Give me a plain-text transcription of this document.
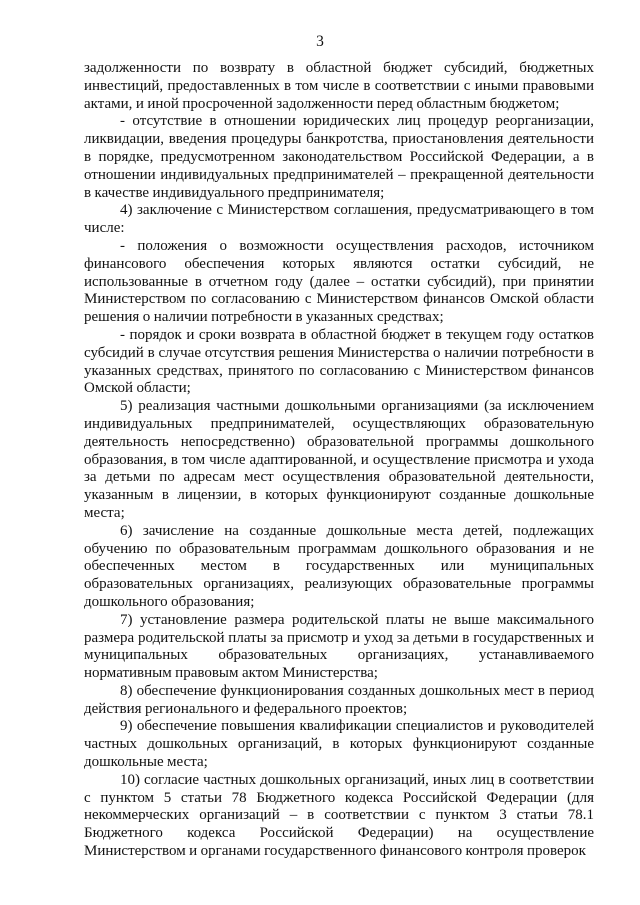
3

задолженности по возврату в областной бюджет субсидий, бюджетных инвестиций, предоставленных в том числе в соответствии с иными правовыми актами, и иной просроченной задолженности перед областным бюджетом;

- отсутствие в отношении юридических лиц процедур реорганизации, ликвидации, введения процедуры банкротства, приостановления деятельности в порядке, предусмотренном законодательством Российской Федерации, а в отношении индивидуальных предпринимателей – прекращенной деятельности в качестве индивидуального предпринимателя;

4) заключение с Министерством соглашения, предусматривающего в том числе:

- положения о возможности осуществления расходов, источником финансового обеспечения которых являются остатки субсидий, не использованные в отчетном году (далее – остатки субсидий), при принятии Министерством по согласованию с Министерством финансов Омской области решения о наличии потребности в указанных средствах;

- порядок и сроки возврата в областной бюджет в текущем году остатков субсидий в случае отсутствия решения Министерства о наличии потребности в указанных средствах, принятого по согласованию с Министерством финансов Омской области;

5) реализация частными дошкольными организациями (за исключением индивидуальных предпринимателей, осуществляющих образовательную деятельность непосредственно) образовательной программы дошкольного образования, в том числе адаптированной, и осуществление присмотра и ухода за детьми по адресам мест осуществления образовательной деятельности, указанным в лицензии, в которых функционируют созданные дошкольные места;

6) зачисление на созданные дошкольные места детей, подлежащих обучению по образовательным программам дошкольного образования и не обеспеченных местом в государственных или муниципальных образовательных организациях, реализующих образовательные программы дошкольного образования;

7) установление размера родительской платы не выше максимального размера родительской платы за присмотр и уход за детьми в государственных и муниципальных образовательных организациях, устанавливаемого нормативным правовым актом Министерства;

8) обеспечение функционирования созданных дошкольных мест в период действия регионального и федерального проектов;

9) обеспечение повышения квалификации специалистов и руководителей частных дошкольных организаций, в которых функционируют созданные дошкольные места;

10) согласие частных дошкольных организаций, иных лиц в соответствии с пунктом 5 статьи 78 Бюджетного кодекса Российской Федерации (для некоммерческих организаций – в соответствии с пунктом 3 статьи 78.1 Бюджетного кодекса Российской Федерации) на осуществление Министерством и органами государственного финансового контроля проверок
